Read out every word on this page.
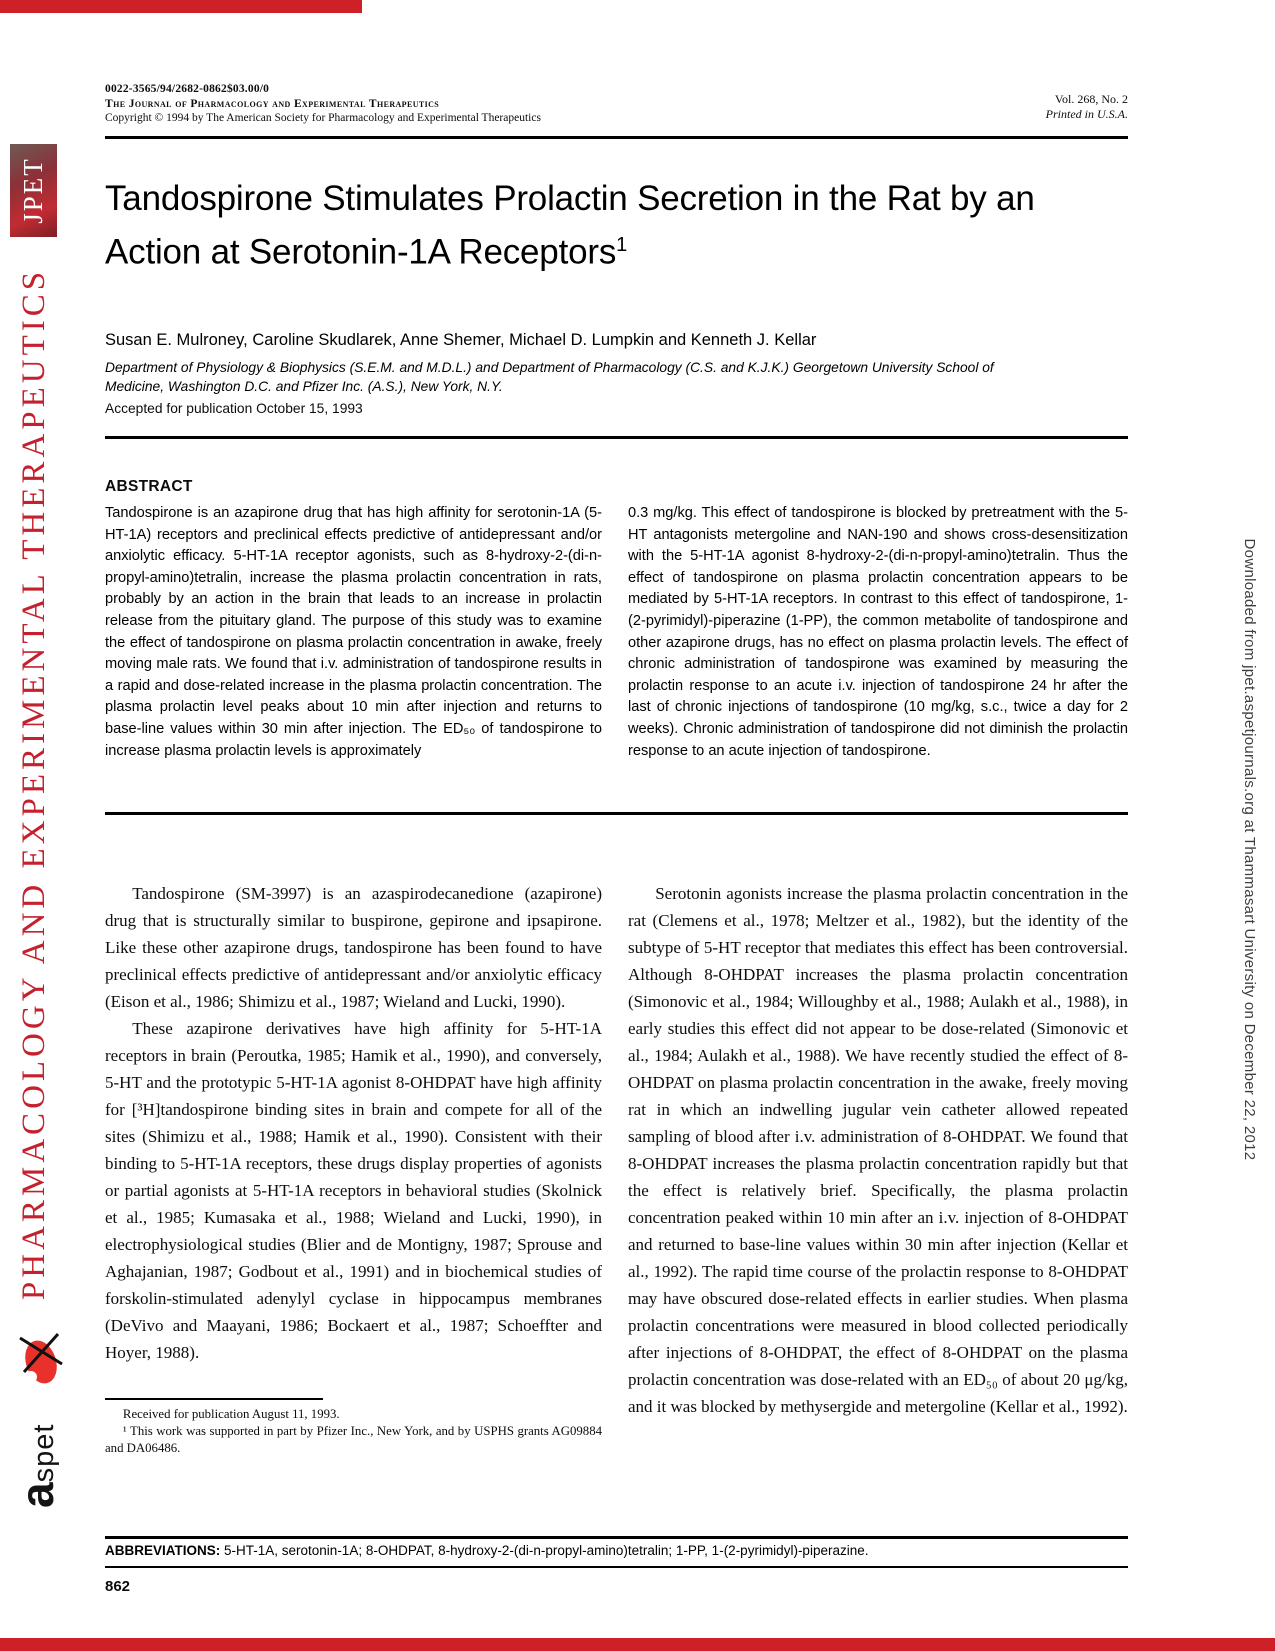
JPET
PHARMACOLOGY AND EXPERIMENTAL THERAPEUTICS
a
spet
Downloaded from jpet.aspetjournals.org at Thammasart University on December 22, 2012
0022-3565/94/2682-0862$03.00/0
The Journal of Pharmacology and Experimental Therapeutics
Copyright © 1994 by The American Society for Pharmacology and Experimental Therapeutics
Vol. 268, No. 2
Printed in U.S.A.
Tandospirone Stimulates Prolactin Secretion in the Rat by an
Action at Serotonin-1A Receptors$^1$
Susan E. Mulroney, Caroline Skudlarek, Anne Shemer, Michael D. Lumpkin and Kenneth J. Kellar
Department of Physiology & Biophysics (S.E.M. and M.D.L.) and Department of Pharmacology (C.S. and K.J.K.) Georgetown University School of
Medicine, Washington D.C. and Pfizer Inc. (A.S.), New York, N.Y.
Accepted for publication October 15, 1993
ABSTRACT
Tandospirone is an azapirone drug that has high affinity for serotonin-1A (5-HT-1A) receptors and preclinical effects predictive of antidepressant and/or anxiolytic efficacy. 5-HT-1A receptor agonists, such as 8-hydroxy-2-(di-n-propyl-amino)tetralin, increase the plasma prolactin concentration in rats, probably by an action in the brain that leads to an increase in prolactin release from the pituitary gland. The purpose of this study was to examine the effect of tandospirone on plasma prolactin concentration in awake, freely moving male rats. We found that i.v. administration of tandospirone results in a rapid and dose-related increase in the plasma prolactin concentration. The plasma prolactin level peaks about 10 min after injection and returns to base-line values within 30 min after injection. The ED₅₀ of tandospirone to increase plasma prolactin levels is approximately
0.3 mg/kg. This effect of tandospirone is blocked by pretreatment with the 5-HT antagonists metergoline and NAN-190 and shows cross-desensitization with the 5-HT-1A agonist 8-hydroxy-2-(di-n-propyl-amino)tetralin. Thus the effect of tandospirone on plasma prolactin concentration appears to be mediated by 5-HT-1A receptors. In contrast to this effect of tandospirone, 1-(2-pyrimidyl)-piperazine (1-PP), the common metabolite of tandospirone and other azapirone drugs, has no effect on plasma prolactin levels. The effect of chronic administration of tandospirone was examined by measuring the prolactin response to an acute i.v. injection of tandospirone 24 hr after the last of chronic injections of tandospirone (10 mg/kg, s.c., twice a day for 2 weeks). Chronic administration of tandospirone did not diminish the prolactin response to an acute injection of tandospirone.

Tandospirone (SM-3997) is an azaspirodecanedione (azapirone) drug that is structurally similar to buspirone, gepirone and ipsapirone. Like these other azapirone drugs, tandospirone has been found to have preclinical effects predictive of antidepressant and/or anxiolytic efficacy (Eison et al., 1986; Shimizu et al., 1987; Wieland and Lucki, 1990).

These azapirone derivatives have high affinity for 5-HT-1A receptors in brain (Peroutka, 1985; Hamik et al., 1990), and conversely, 5-HT and the prototypic 5-HT-1A agonist 8-OHDPAT have high affinity for [³H]tandospirone binding sites in brain and compete for all of the sites (Shimizu et al., 1988; Hamik et al., 1990). Consistent with their binding to 5-HT-1A receptors, these drugs display properties of agonists or partial agonists at 5-HT-1A receptors in behavioral studies (Skolnick et al., 1985; Kumasaka et al., 1988; Wieland and Lucki, 1990), in electrophysiological studies (Blier and de Montigny, 1987; Sprouse and Aghajanian, 1987; Godbout et al., 1991) and in biochemical studies of forskolin-stimulated adenylyl cyclase in hippocampus membranes (DeVivo and Maayani, 1986; Bockaert et al., 1987; Schoeffter and Hoyer, 1988).

Serotonin agonists increase the plasma prolactin concentration in the rat (Clemens et al., 1978; Meltzer et al., 1982), but the identity of the subtype of 5-HT receptor that mediates this effect has been controversial. Although 8-OHDPAT increases the plasma prolactin concentration (Simonovic et al., 1984; Willoughby et al., 1988; Aulakh et al., 1988), in early studies this effect did not appear to be dose-related (Simonovic et al., 1984; Aulakh et al., 1988). We have recently studied the effect of 8-OHDPAT on plasma prolactin concentration in the awake, freely moving rat in which an indwelling jugular vein catheter allowed repeated sampling of blood after i.v. administration of 8-OHDPAT. We found that 8-OHDPAT increases the plasma prolactin concentration rapidly but that the effect is relatively brief. Specifically, the plasma prolactin concentration peaked within 10 min after an i.v. injection of 8-OHDPAT and returned to base-line values within 30 min after injection (Kellar et al., 1992). The rapid time course of the prolactin response to 8-OHDPAT may have obscured dose-related effects in earlier studies. When plasma prolactin concentrations were measured in blood collected periodically after injections of 8-OHDPAT, the effect of 8-OHDPAT on the plasma prolactin concentration was dose-related with an ED₅₀ of about 20 μg/kg, and it was blocked by methysergide and metergoline (Kellar et al., 1992).

Received for publication August 11, 1993.

¹ This work was supported in part by Pfizer Inc., New York, and by USPHS grants AG09884 and DA06486.

ABBREVIATIONS: 5-HT-1A, serotonin-1A; 8-OHDPAT, 8-hydroxy-2-(di-n-propyl-amino)tetralin; 1-PP, 1-(2-pyrimidyl)-piperazine.
862
